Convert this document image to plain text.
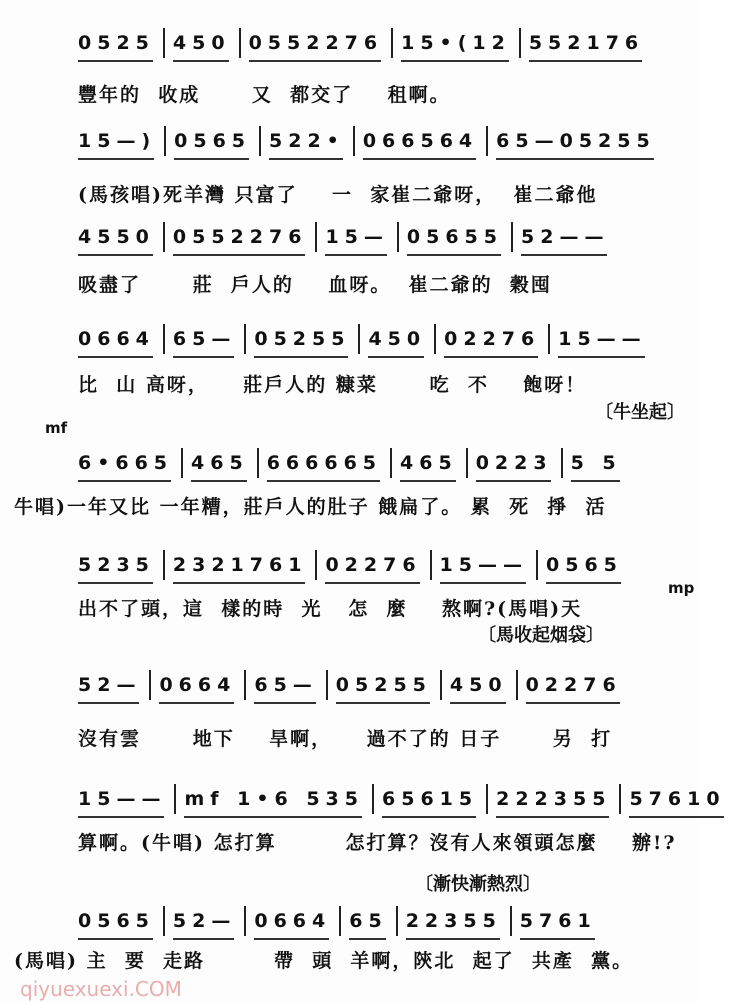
0525 450 0552276 15•(12 552176
豐年的  收成      又  都交了    租啊。
15—) 0565 522• 066564 65—05255
(馬孩唱)死羊灣 只富了    一  家崔二爺呀，  崔二爺他
4550 0552276 15— 05655 52——
吸盡了      莊  戶人的    血呀。  崔二爺的  穀囤
0664 65— 05255 450 02276 15——
比  山 高呀，    莊戶人的 糠菜      吃  不    飽呀！
〔牛坐起〕
mf
6•665 465 666665 465 0223 5 5
牛唱)一年又比 一年糟，莊戶人的肚子 餓扁了。 累  死  掙  活
5235 2321761 02276 15—— 0565
mp
出不了頭，這  樣的時  光   怎  麼    熬啊?(馬唱)天
〔馬收起烟袋〕
52— 0664 65— 05255 450 02276
沒有雲      地下    旱啊，    過不了的 日子      另  打
15—— mf 1•6 535 65615 222355 57610
算啊。(牛唱) 怎打算        怎打算？沒有人來領頭怎麼    辦!?
〔漸快漸熱烈〕
0565 52— 0664 65 22355 5761
(馬唱) 主  要  走路        帶  頭  羊啊，陝北  起了  共產  黨。
qiyuexuexi.COM
